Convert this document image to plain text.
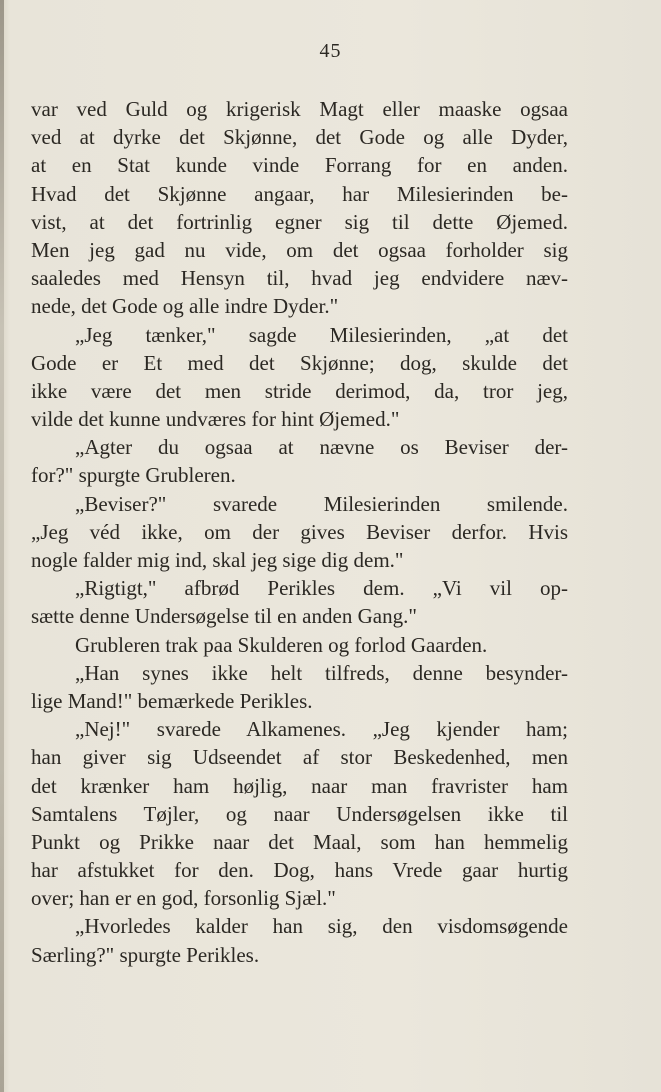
45
var ved Guld og krigerisk Magt eller maaske ogsaa
ved at dyrke det Skjønne, det Gode og alle Dyder,
at en Stat kunde vinde Forrang for en anden.
Hvad det Skjønne angaar, har Milesierinden be-
vist, at det fortrinlig egner sig til dette Øjemed.
Men jeg gad nu vide, om det ogsaa forholder sig
saaledes med Hensyn til, hvad jeg endvidere næv-
nede, det Gode og alle indre Dyder."
„Jeg tænker," sagde Milesierinden, „at det
Gode er Et med det Skjønne; dog, skulde det
ikke være det men stride derimod, da, tror jeg,
vilde det kunne undværes for hint Øjemed."
„Agter du ogsaa at nævne os Beviser der-
for?" spurgte Grubleren.
„Beviser?" svarede Milesierinden smilende.
„Jeg véd ikke, om der gives Beviser derfor. Hvis
nogle falder mig ind, skal jeg sige dig dem."
„Rigtigt," afbrød Perikles dem. „Vi vil op-
sætte denne Undersøgelse til en anden Gang."
Grubleren trak paa Skulderen og forlod Gaarden.
„Han synes ikke helt tilfreds, denne besynder-
lige Mand!" bemærkede Perikles.
„Nej!" svarede Alkamenes. „Jeg kjender ham;
han giver sig Udseendet af stor Beskedenhed, men
det krænker ham højlig, naar man fravrister ham
Samtalens Tøjler, og naar Undersøgelsen ikke til
Punkt og Prikke naar det Maal, som han hemmelig
har afstukket for den. Dog, hans Vrede gaar hurtig
over; han er en god, forsonlig Sjæl."
„Hvorledes kalder han sig, den visdomsøgende
Særling?" spurgte Perikles.
